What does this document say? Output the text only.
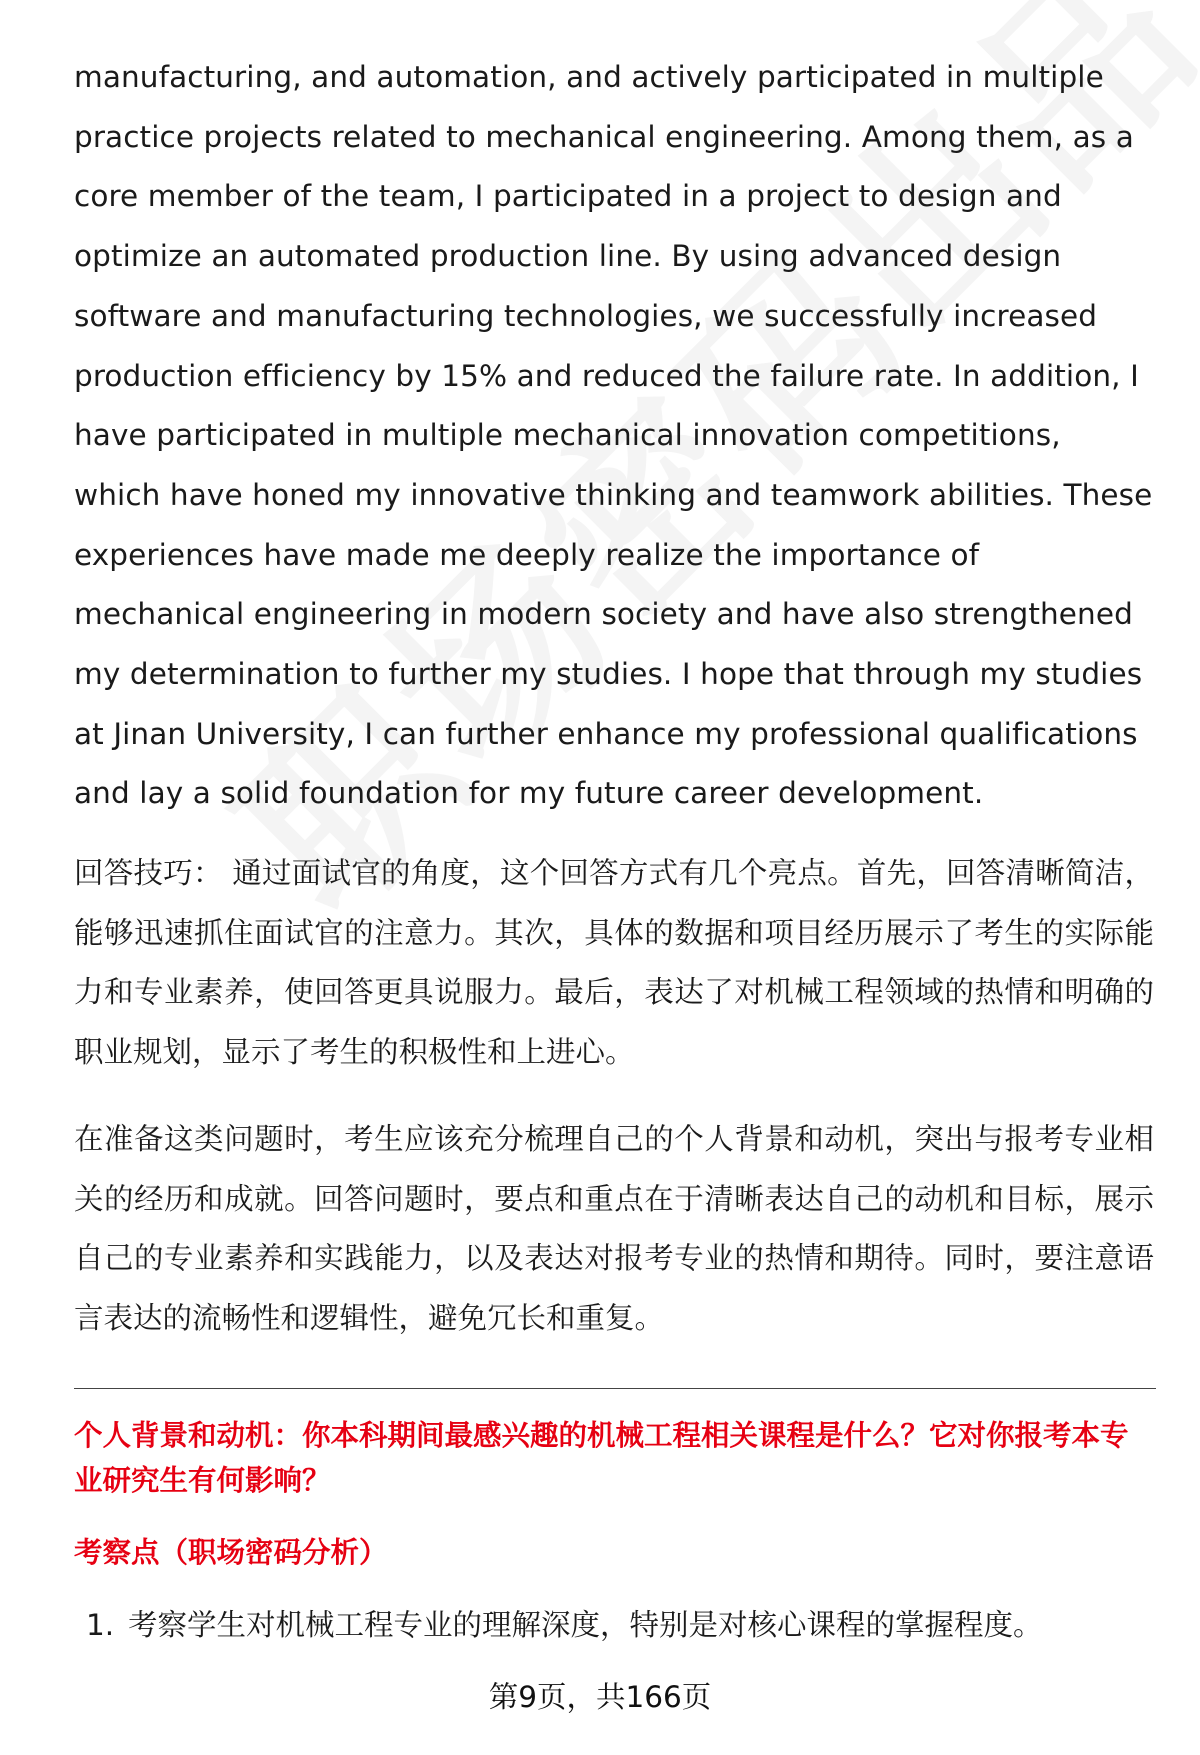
manufacturing, and automation, and actively participated in multiple practice projects related to mechanical engineering. Among them, as a core member of the team, I participated in a project to design and optimize an automated production line. By using advanced design software and manufacturing technologies, we successfully increased production efficiency by 15% and reduced the failure rate. In addition, I have participated in multiple mechanical innovation competitions, which have honed my innovative thinking and teamwork abilities. These experiences have made me deeply realize the importance of mechanical engineering in modern society and have also strengthened my determination to further my studies. I hope that through my studies at Jinan University, I can further enhance my professional qualifications and lay a solid foundation for my future career development.

回答技巧： 通过面试官的角度，这个回答方式有几个亮点。首先，回答清晰简洁，能够迅速抓住面试官的注意力。其次，具体的数据和项目经历展示了考生的实际能力和专业素养，使回答更具说服力。最后，表达了对机械工程领域的热情和明确的职业规划，显示了考生的积极性和上进心。

在准备这类问题时，考生应该充分梳理自己的个人背景和动机，突出与报考专业相关的经历和成就。回答问题时，要点和重点在于清晰表达自己的动机和目标，展示自己的专业素养和实践能力，以及表达对报考专业的热情和期待。同时，要注意语言表达的流畅性和逻辑性，避免冗长和重复。

个人背景和动机：你本科期间最感兴趣的机械工程相关课程是什么？它对你报考本专业研究生有何影响？
考察点（职场密码分析）
1. 考察学生对机械工程专业的理解深度，特别是对核心课程的掌握程度。
第9页，共166页
